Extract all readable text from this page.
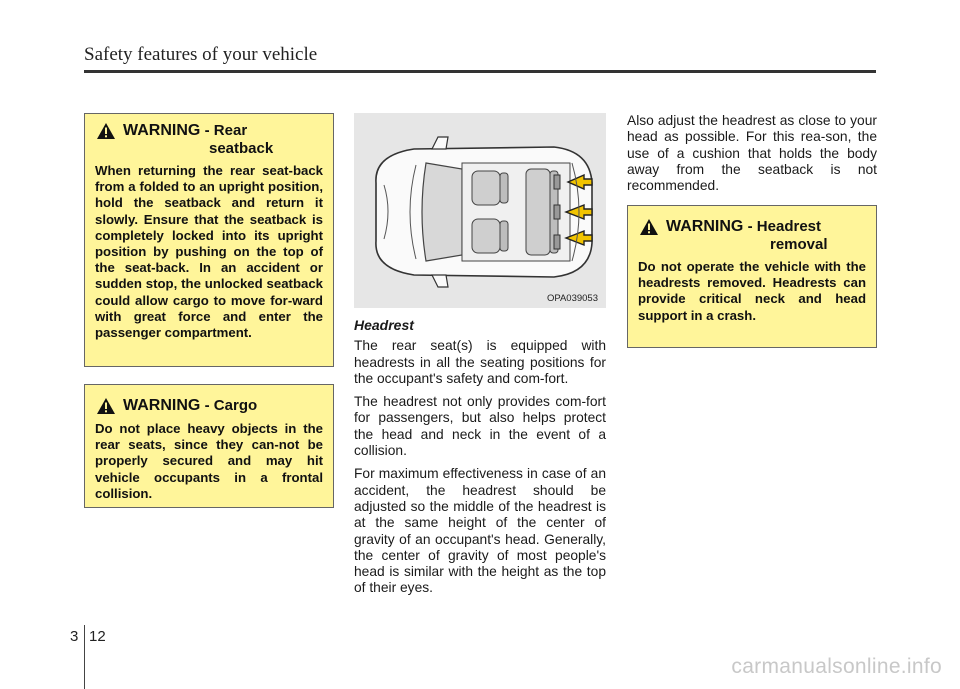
Safety features of your vehicle
WARNING - Rear
seatback
When returning the rear seat-back from a folded to an upright position, hold the seatback and return it slowly. Ensure that the seatback is completely locked into its upright position by pushing on the top of the seat-back. In an accident or sudden stop, the unlocked seatback could allow cargo to move for-ward with great force and enter the passenger compartment.
WARNING - Cargo
Do not place heavy objects in the rear seats, since they can-not be properly secured and may hit vehicle occupants in a frontal collision.
OPA039053
Headrest

The rear seat(s) is equipped with headrests in all the seating positions for the occupant's safety and com-fort.

The headrest not only provides com-fort for passengers, but also helps protect the head and neck in the event of a collision.

For maximum effectiveness in case of an accident, the headrest should be adjusted so the middle of the headrest is at the same height of the center of gravity of an occupant's head. Generally, the center of gravity of most people's head is similar with the height as the top of their eyes.

Also adjust the headrest as close to your head as possible. For this rea-son, the use of a cushion that holds the body away from the seatback is not recommended.

WARNING - Headrest
removal
Do not operate the vehicle with the headrests removed. Headrests can provide critical neck and head support in a crash.
3 12
carmanualsonline.info
